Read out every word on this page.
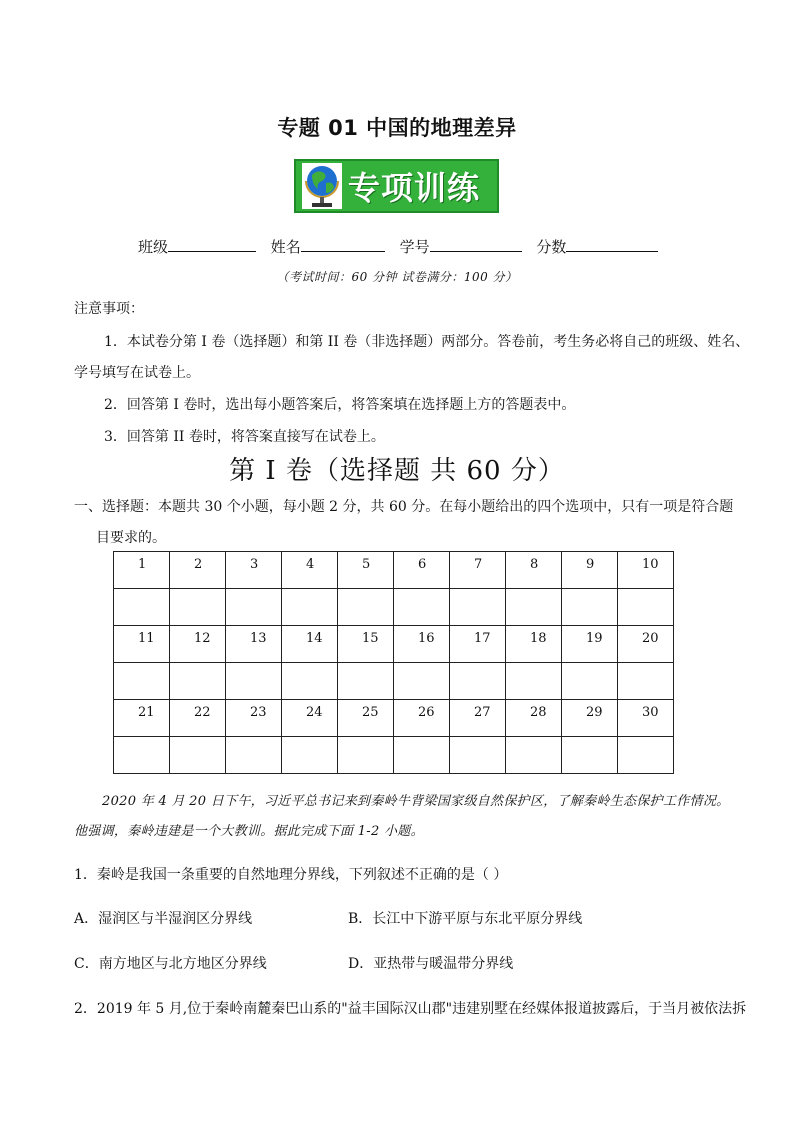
专题 01 中国的地理差异
专项训练
班级	姓名	学号	分数
（考试时间：60 分钟 试卷满分：100 分）
注意事项：
1．本试卷分第 I 卷（选择题）和第 II 卷（非选择题）两部分。答卷前，考生务必将自己的班级、姓名、
学号填写在试卷上。
2．回答第 I 卷时，选出每小题答案后，将答案填在选择题上方的答题表中。
3．回答第 II 卷时，将答案直接写在试卷上。
第 I 卷（选择题 共 60 分）
一、选择题：本题共 30 个小题，每小题 2 分，共 60 分。在每小题给出的四个选项中，只有一项是符合题
目要求的。
1	2	3	4	5	6	7	8	9	10

11	12	13	14	15	16	17	18	19	20

21	22	23	24	25	26	27	28	29	30

2020 年 4 月 20 日下午，习近平总书记来到秦岭牛背梁国家级自然保护区，了解秦岭生态保护工作情况。
他强调，秦岭违建是一个大教训。据此完成下面 1-2 小题。
1．秦岭是我国一条重要的自然地理分界线，下列叙述不正确的是（ ）
A．湿润区与半湿润区分界线	B．长江中下游平原与东北平原分界线
C．南方地区与北方地区分界线	D．亚热带与暖温带分界线
2．2019 年 5 月,位于秦岭南麓秦巴山系的"益丰国际汉山郡"违建别墅在经媒体报道披露后，于当月被依法拆
